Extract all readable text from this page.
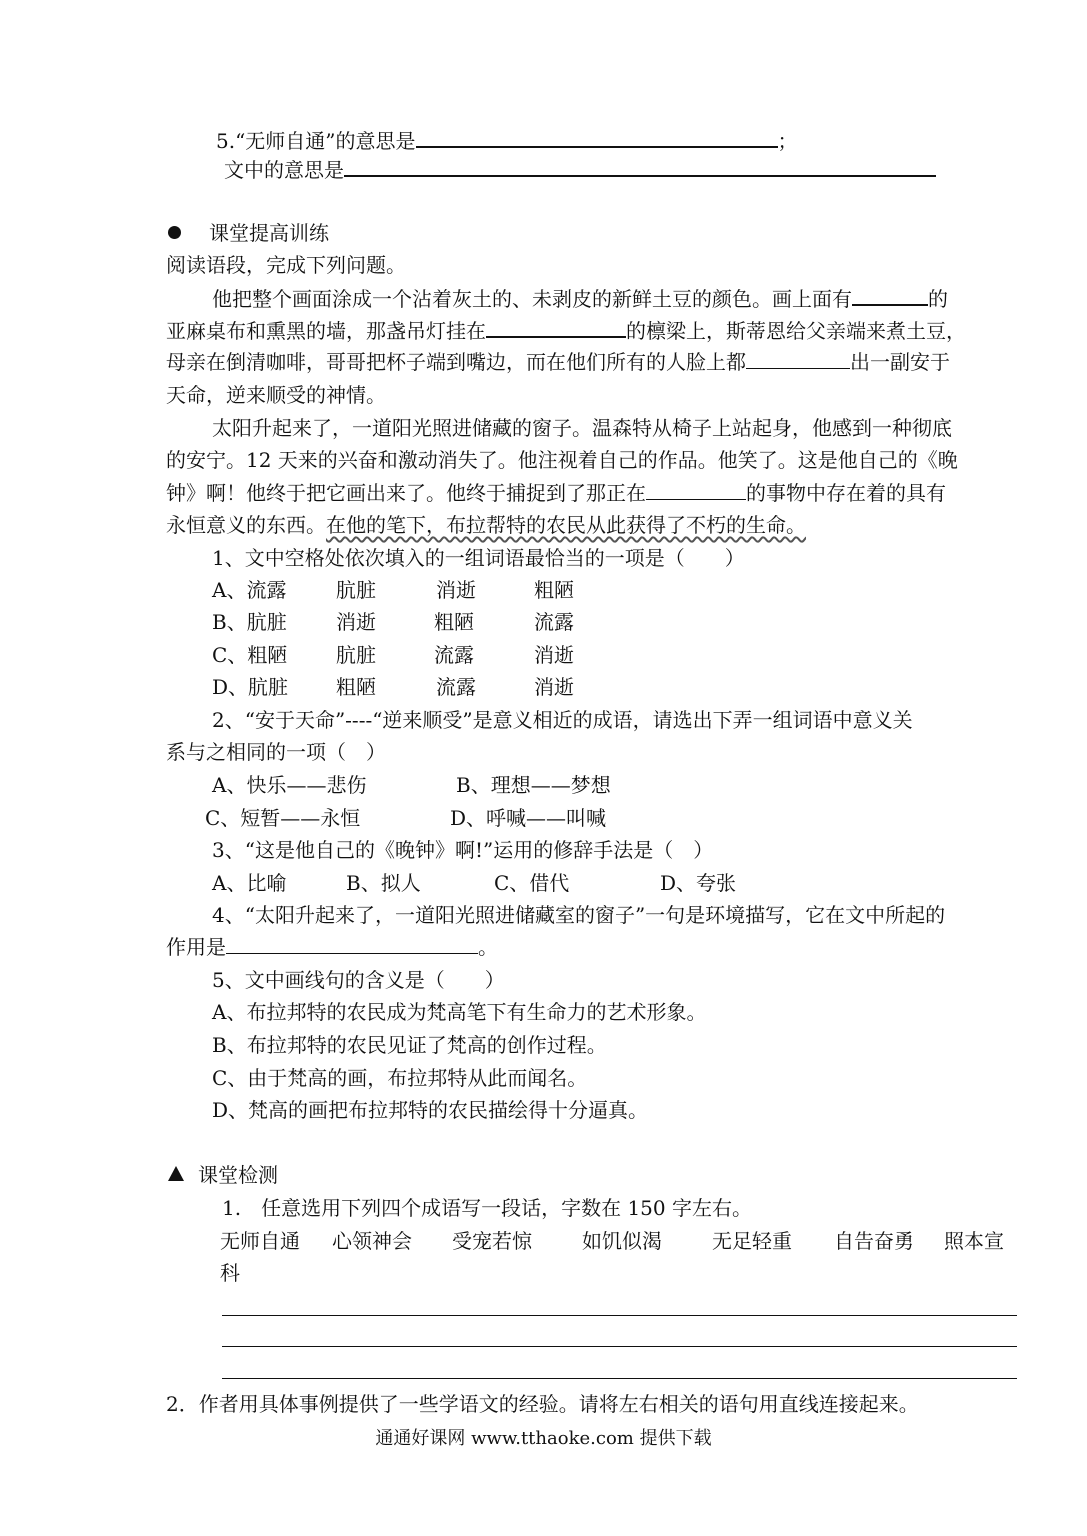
5.“无师自通”的意思是	；
文中的意思是
课堂提高训练
阅读语段，完成下列问题。
他把整个画面涂成一个沾着灰土的、未剥皮的新鲜土豆的颜色。画上面有	的
亚麻桌布和熏黑的墙，那盏吊灯挂在	的檩梁上，斯蒂恩给父亲端来煮土豆，
母亲在倒清咖啡，哥哥把杯子端到嘴边，而在他们所有的人脸上都	出一副安于
天命，逆来顺受的神情。
太阳升起来了，一道阳光照进储藏的窗子。温森特从椅子上站起身，他感到一种彻底
的安宁。12 天来的兴奋和激动消失了。他注视着自己的作品。他笑了。这是他自己的《晚
钟》啊！他终于把它画出来了。他终于捕捉到了那正在	的事物中存在着的具有
永恒意义的东西。在他的笔下，布拉帮特的农民从此获得了不朽的生命。
1、文中空格处依次填入的一组词语最恰当的一项是（　　）
A、流露 肮脏	消逝	粗陋
B、肮脏 消逝	粗陋	流露
C、粗陋 肮脏	流露	消逝
D、肮脏 粗陋	流露	消逝
2、“安于天命”----“逆来顺受”是意义相近的成语，请选出下弄一组词语中意义关
系与之相同的一项（　）
A、快乐——悲伤	B、理想——梦想
C、短暂——永恒	D、呼喊——叫喊
3、“这是他自己的《晚钟》啊!”运用的修辞手法是（　）
A、比喻	B、拟人	C、借代	D、夸张
4、“太阳升起来了，一道阳光照进储藏室的窗子”一句是环境描写，它在文中所起的
作用是	。
5、文中画线句的含义是（　　）
A、布拉邦特的农民成为梵高笔下有生命力的艺术形象。
B、布拉邦特的农民见证了梵高的创作过程。
C、由于梵高的画，布拉邦特从此而闻名。
D、梵高的画把布拉邦特的农民描绘得十分逼真。
课堂检测
1.　任意选用下列四个成语写一段话，字数在 150 字左右。
无师自通 心领神会 受宠若惊	如饥似渴	无足轻重 自告奋勇 照本宣
科
2．作者用具体事例提供了一些学语文的经验。请将左右相关的语句用直线连接起来。
通通好课网 www.tthaoke.com 提供下载
